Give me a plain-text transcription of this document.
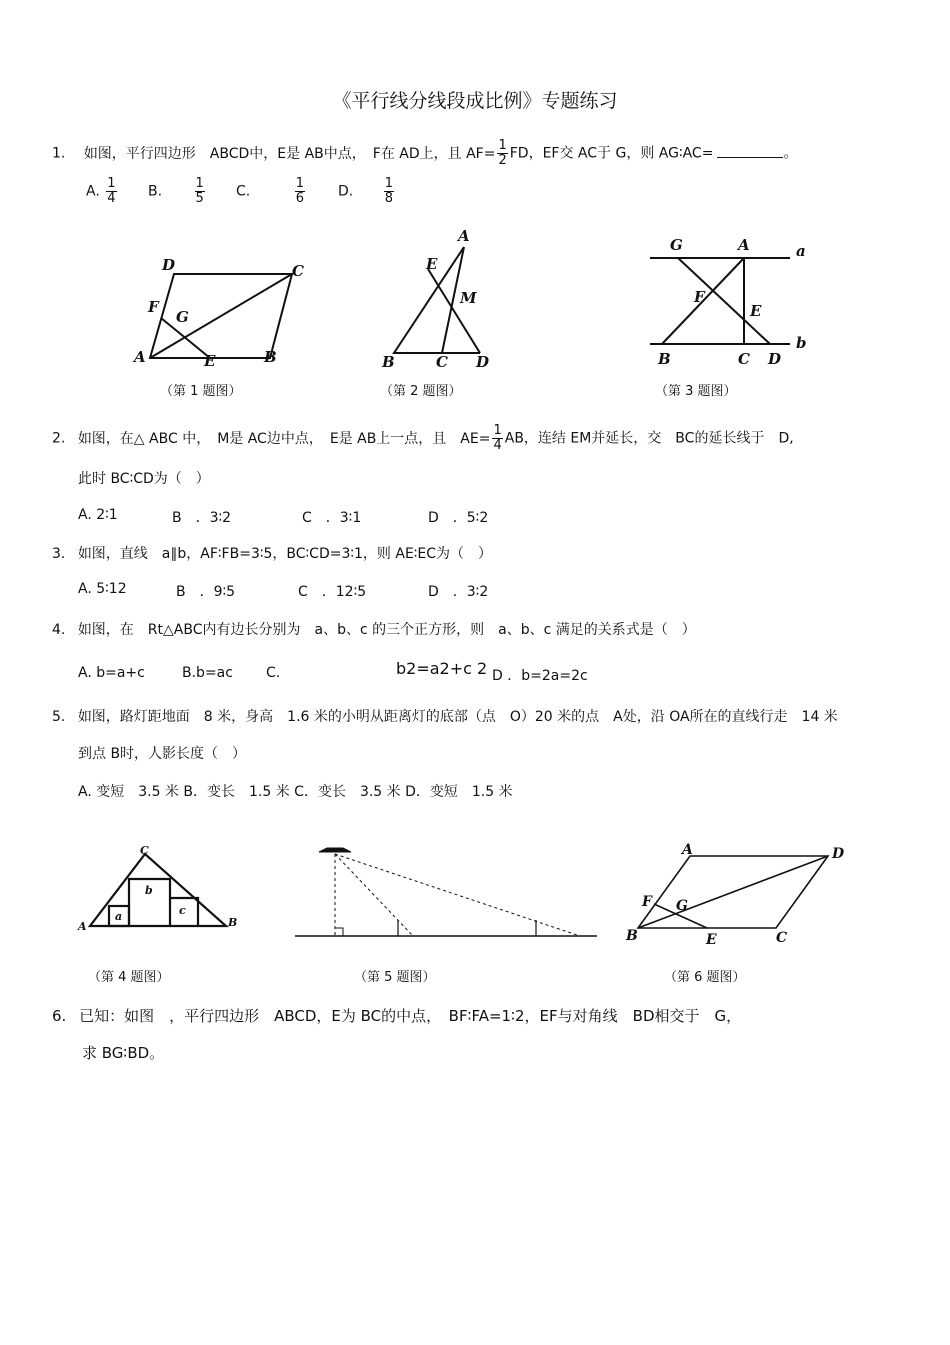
《平行线分线段成比例》专题练习
1. 如图，平行四边形　ABCD中，E是 AB中点，　F在 AD上，且 $AF= \frac{1}{2}$ FD，EF交 AC于 G，则 AG∶AC=	。
A. $\frac{1}{4} B$. $\frac{1}{5} C$.	$\frac{1}{6} D$. $\frac{1}{8}$
A	B
C
D
E
F
G
（第 1 题图）
A
B	C D
E
M
（第 2 题图）
G	A	a
F
E
B	C D
b
（第 3 题图）
2. 如图，在△ ABC 中，　M是 AC边中点，　E是 AB上一点，且　$AE= \frac{1}{4}$ AB，连结 EM并延长，交　BC的延长线于　D,
此时 BC∶CD为（　）
A. 2∶1	B　．3∶2	C　．3∶1	D　．5∶2
3. 如图，直线　a∥b，AF∶FB=3∶5，BC∶CD=3∶1，则 AE∶EC为（　）
A. 5∶12	B　．9∶5	C　．12∶5	D　．3∶2
4. 如图，在　Rt△ABC内有边长分别为　a、b、c 的三个正方形，则　a、b、c 满足的关系式是（　）
A. b=a+c	B.b=ac C.	b2=a2+c 2 D ．b=2a=2c
5. 如图，路灯距地面　8 米，身高　1.6 米的小明从距离灯的底部（点　O）20 米的点　A处，沿 OA所在的直线行走　14 米
到点 B时，人影长度（　）
A. 变短　3.5 米 B．变长　1.5 米 C．变长　3.5 米 D．变短　1.5 米
A	B
C
a
b
c
（第 4 题图）	（第 5 题图）
B	C
D
A
E
F G
（第 6 题图）
6. 已知：如图　，平行四边形　ABCD，E为 BC的中点，　BF∶FA=1∶2，EF与对角线　BD相交于　G，
求 BG∶BD。
